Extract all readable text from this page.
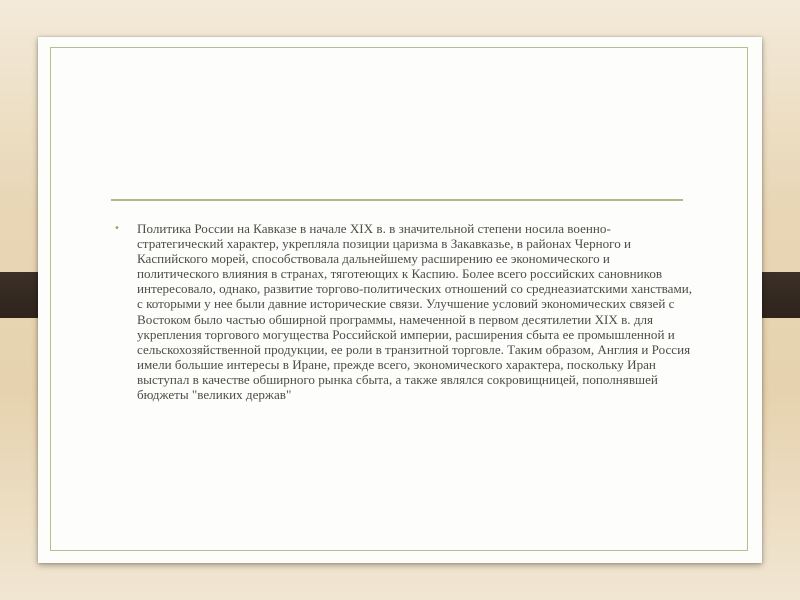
• Политика России на Кавказе в начале XIX в. в значительной степени носила военно-стратегический характер, укрепляла позиции царизма в Закавказье, в районах Черного и Каспийского морей, способствовала дальнейшему расширению ее экономического и политического влияния в странах, тяготеющих к Каспию. Более всего российских сановников интересовало, однако, развитие торгово-политических отношений со среднеазиатскими ханствами, с которыми у нее были давние исторические связи. Улучшение условий экономических связей с Востоком было частью обширной программы, намеченной в первом десятилетии XIX в. для укрепления торгового могущества Российской империи, расширения сбыта ее промышленной и сельскохозяйственной продукции, ее роли в транзитной торговле. Таким образом, Англия и Россия имели большие интересы в Иране, прежде всего, экономического характера, поскольку Иран выступал в качестве обширного рынка сбыта, а также являлся сокровищницей, пополнявшей бюджеты "великих держав"
